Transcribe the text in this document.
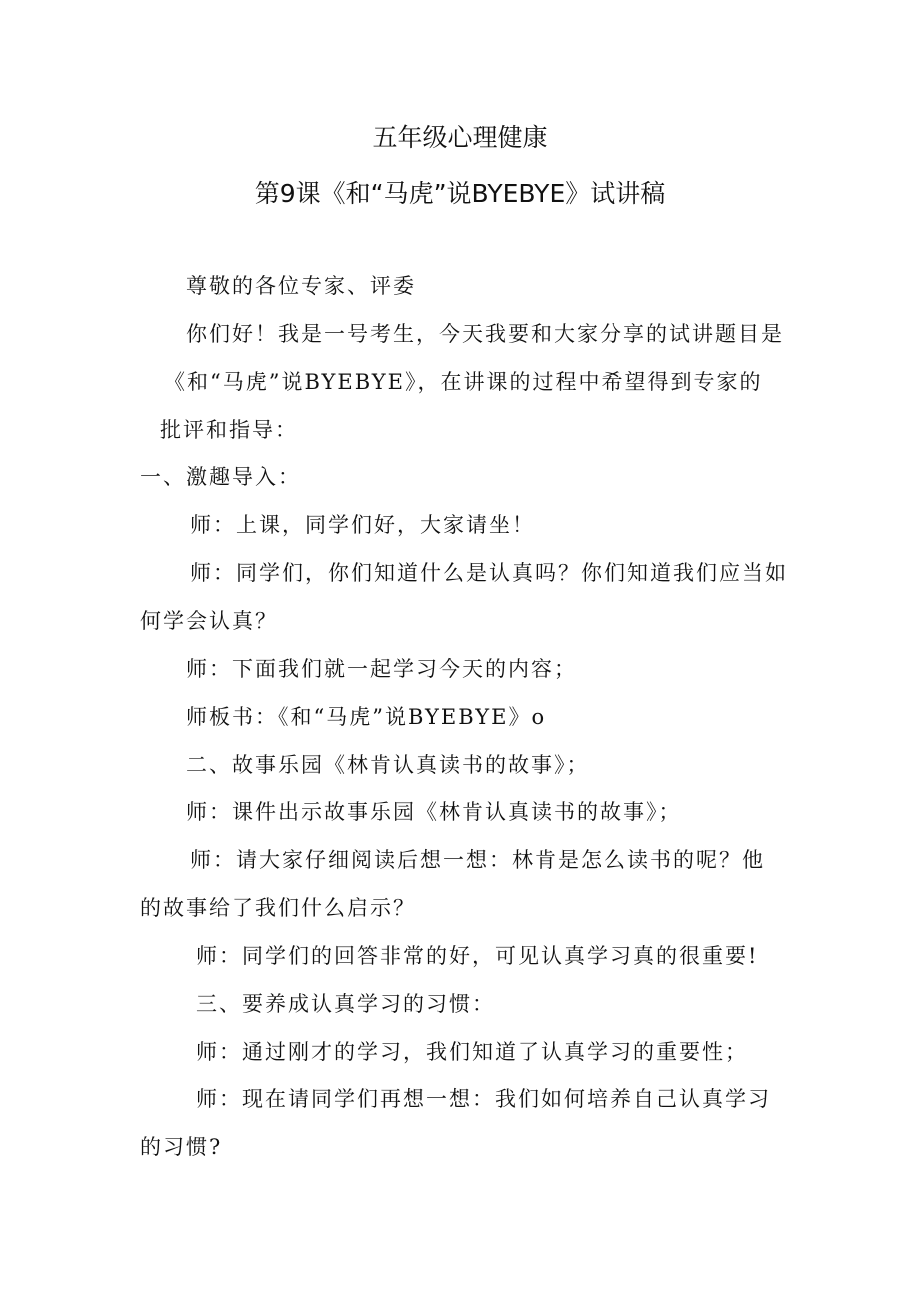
五年级心理健康
第9课《和“马虎”说BYEBYE》试讲稿
尊敬的各位专家、评委
你们好！我是一号考生，今天我要和大家分享的试讲题目是
《和“马虎”说BYEBYE》，在讲课的过程中希望得到专家的
批评和指导：
一、激趣导入：
师：上课，同学们好，大家请坐！
师：同学们，你们知道什么是认真吗？你们知道我们应当如
何学会认真？
师：下面我们就一起学习今天的内容；
师板书：《和“马虎”说BYEBYE》o
二、故事乐园《林肯认真读书的故事》；
师：课件出示故事乐园《林肯认真读书的故事》；
师：请大家仔细阅读后想一想：林肯是怎么读书的呢？他
的故事给了我们什么启示？
师：同学们的回答非常的好，可见认真学习真的很重要!
三、要养成认真学习的习惯：
师：通过刚才的学习，我们知道了认真学习的重要性；
师：现在请同学们再想一想：我们如何培养自己认真学习
的习惯?
